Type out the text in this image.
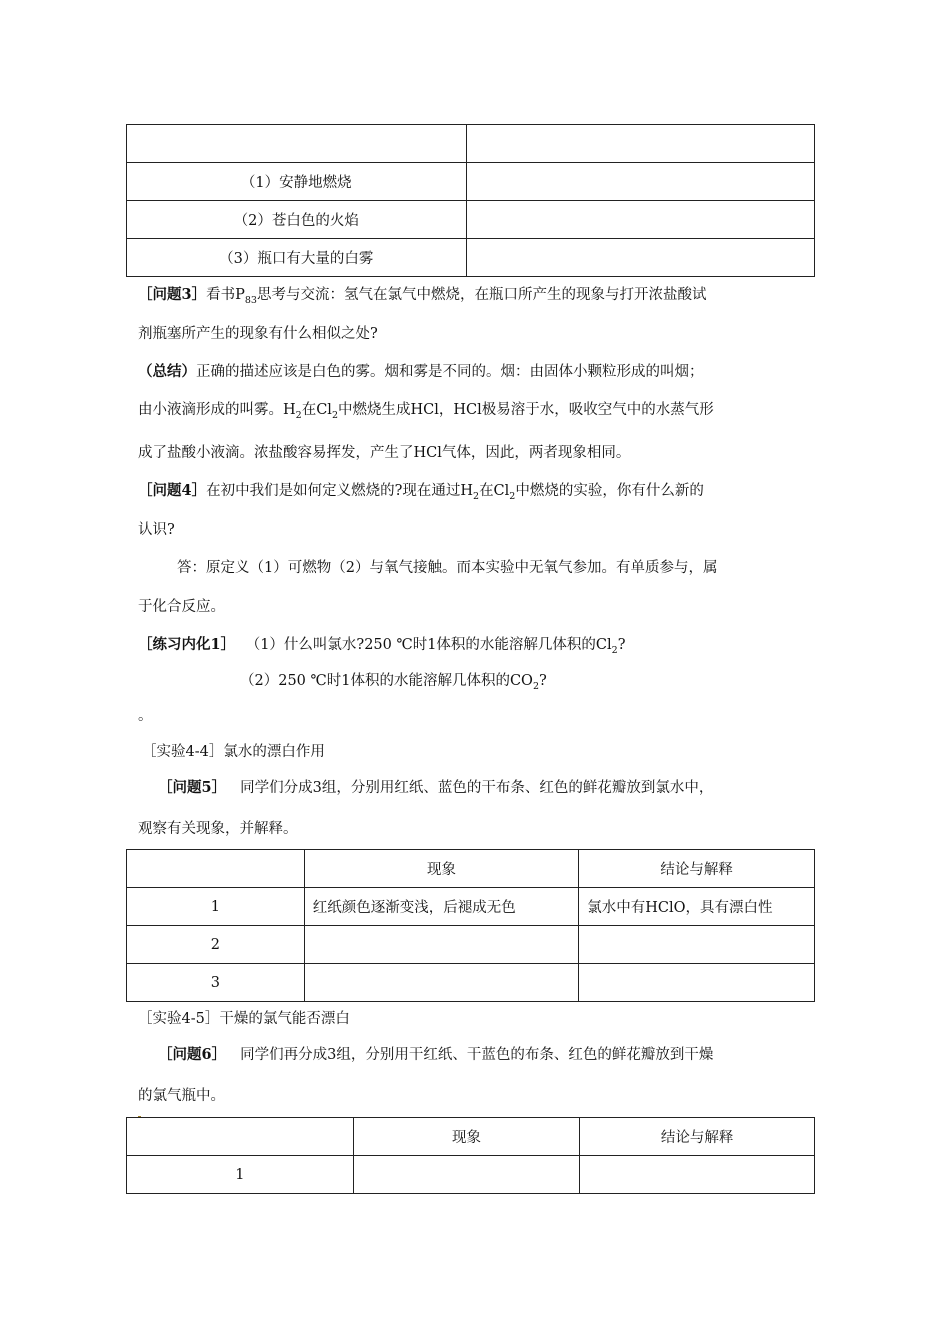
（1）安静地燃烧	
（2）苍白色的火焰	
（3）瓶口有大量的白雾	
［问题3］看书$P_{83}$思考与交流：氢气在氯气中燃烧，在瓶口所产生的现象与打开浓盐酸试
剂瓶塞所产生的现象有什么相似之处?
（总结）正确的描述应该是白色的雾。烟和雾是不同的。烟：由固体小颗粒形成的叫烟；
由小液滴形成的叫雾。$H_2$在$Cl_2$中燃烧生成HCl，HCl极易溶于水，吸收空气中的水蒸气形
成了盐酸小液滴。浓盐酸容易挥发，产生了HCl气体，因此，两者现象相同。
［问题4］在初中我们是如何定义燃烧的?现在通过$H_2$在$Cl_2$中燃烧的实验，你有什么新的
认识?
答：原定义（1）可燃物（2）与氧气接触。而本实验中无氧气参加。有单质参与，属
于化合反应。
［练习内化1］ （1）什么叫氯水?250 ℃时1体积的水能溶解几体积的$Cl_2$?
（2）250 ℃时1体积的水能溶解几体积的$CO_2$?
。
［实验4-4］氯水的漂白作用
［问题5］ 同学们分成3组，分别用红纸、蓝色的干布条、红色的鲜花瓣放到氯水中，
观察有关现象，并解释。
	现象	结论与解释
1	红纸颜色逐渐变浅，后褪成无色	氯水中有HClO，具有漂白性
2		
3		
［实验4-5］干燥的氯气能否漂白
［问题6］ 同学们再分成3组，分别用干红纸、干蓝色的布条、红色的鲜花瓣放到干燥
的氯气瓶中。
	现象	结论与解释
1		
